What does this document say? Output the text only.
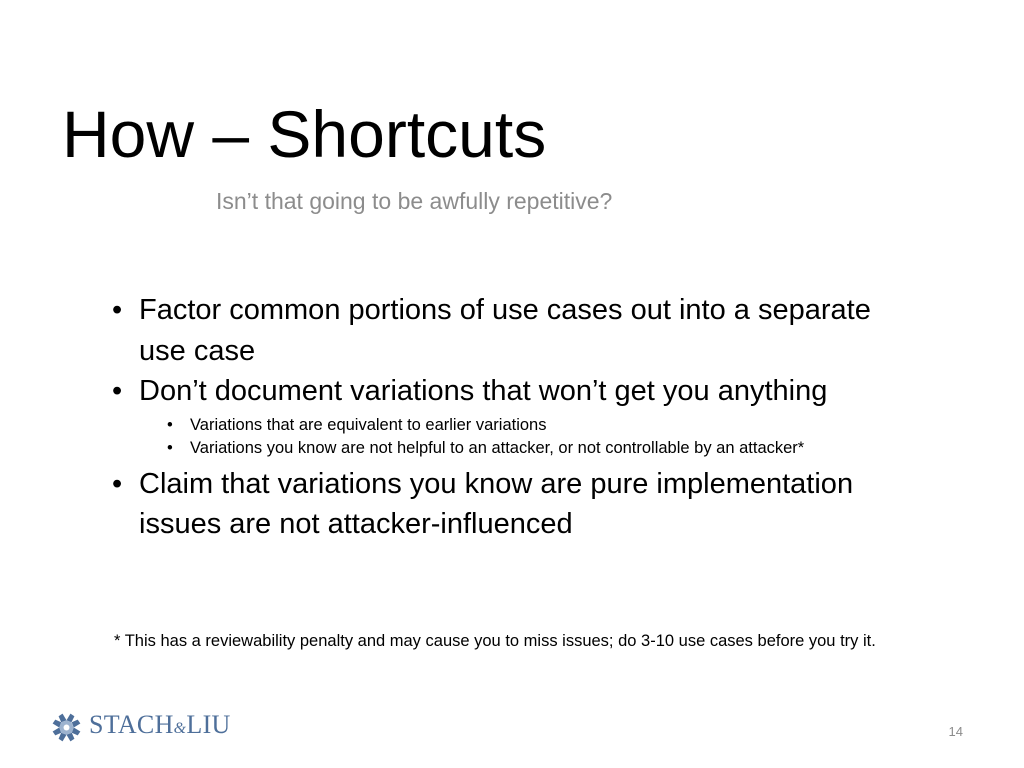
How – Shortcuts
Isn’t that going to be awfully repetitive?
• Factor common portions of use cases out into a separate use case
• Don’t document variations that won’t get you anything
• Variations that are equivalent to earlier variations
• Variations you know are not helpful to an attacker, or not controllable by an attacker*
• Claim that variations you know are pure implementation issues are not attacker-influenced
* This has a reviewability penalty and may cause you to miss issues; do 3-10 use cases before you try it.
STACH&LIU	14
